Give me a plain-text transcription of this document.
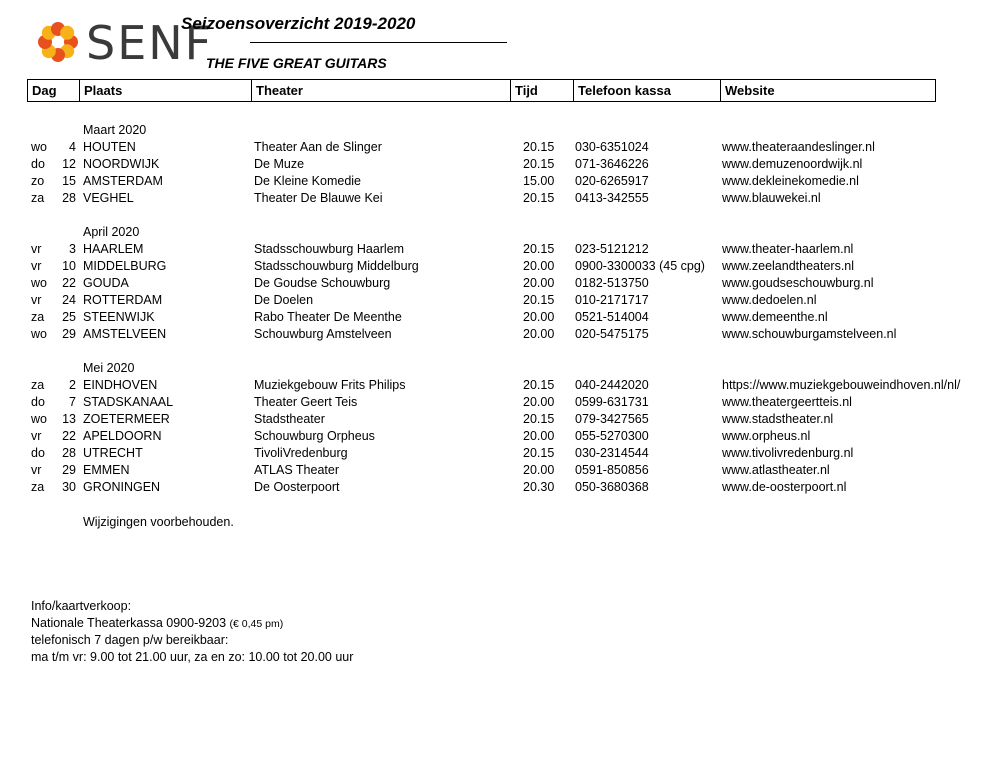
SENF
Seizoensoverzicht 2019-2020
THE FIVE GREAT GUITARS
Dag	Plaats	Theater	Tijd	Telefoon kassa	Website
Maart 2020
wo	4 HOUTEN	Theater Aan de Slinger	20.15 030-6351024	www.theateraandeslinger.nl
do	12 NOORDWIJK	De Muze	20.15 071-3646226	www.demuzenoordwijk.nl
zo	15 AMSTERDAM	De Kleine Komedie	15.00 020-6265917	www.dekleinekomedie.nl
za	28 VEGHEL	Theater De Blauwe Kei	20.15 0413-342555	www.blauwekei.nl
April 2020
vr	3 HAARLEM	Stadsschouwburg Haarlem	20.15 023-5121212	www.theater-haarlem.nl
vr	10 MIDDELBURG	Stadsschouwburg Middelburg	20.00 0900-3300033 (45 cpg) www.zeelandtheaters.nl
wo	22 GOUDA	De Goudse Schouwburg	20.00 0182-513750	www.goudseschouwburg.nl
vr	24 ROTTERDAM	De Doelen	20.15 010-2171717	www.dedoelen.nl
za	25 STEENWIJK	Rabo Theater De Meenthe	20.00 0521-514004	www.demeenthe.nl
wo	29 AMSTELVEEN	Schouwburg Amstelveen	20.00 020-5475175	www.schouwburgamstelveen.nl
Mei 2020
za	2 EINDHOVEN	Muziekgebouw Frits Philips	20.15 040-2442020	https://www.muziekgebouweindhoven.nl/nl/
do	7 STADSKANAAL	Theater Geert Teis	20.00 0599-631731	www.theatergeertteis.nl
wo	13 ZOETERMEER	Stadstheater	20.15 079-3427565	www.stadstheater.nl
vr	22 APELDOORN	Schouwburg Orpheus	20.00 055-5270300	www.orpheus.nl
do	28 UTRECHT	TivoliVredenburg	20.15 030-2314544	www.tivolivredenburg.nl
vr	29 EMMEN	ATLAS Theater	20.00 0591-850856	www.atlastheater.nl
za	30 GRONINGEN	De Oosterpoort	20.30 050-3680368	www.de-oosterpoort.nl
Wijzigingen voorbehouden.
Info/kaartverkoop:
Nationale Theaterkassa 0900-9203 (€ 0,45 pm)
telefonisch 7 dagen p/w bereikbaar:
ma t/m vr: 9.00 tot 21.00 uur, za en zo: 10.00 tot 20.00 uur
